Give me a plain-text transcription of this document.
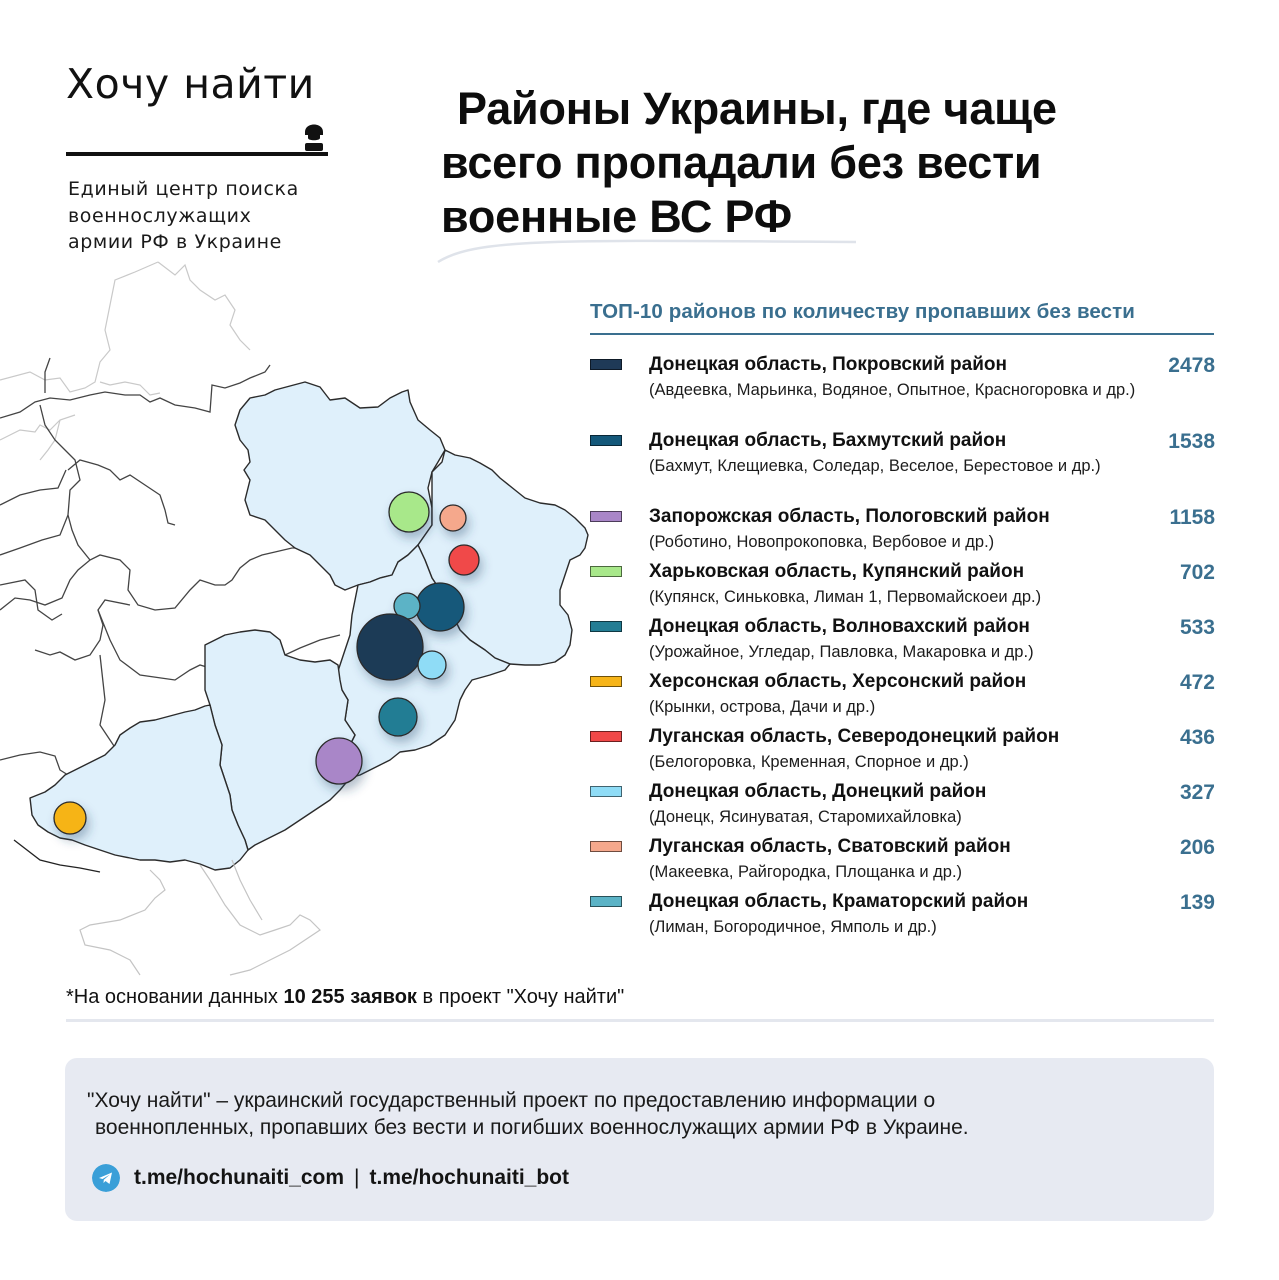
Хочу найти
Единый центр поиска
военнослужащих
армии РФ в Украине
Районы Украины, где чаще
всего пропадали без вести
военные ВС РФ
ТОП-10 районов по количеству пропавших без вести
Донецкая область, Покровский район
(Авдеевка, Марьинка, Водяное, Опытное, Красногоровка и др.)
2478
Донецкая область, Бахмутский район
(Бахмут, Клещиевка, Соледар, Веселое, Берестовое и др.)
1538
Запорожская область, Пологовский район
(Роботино, Новопрокоповка, Вербовое и др.)
1158
Харьковская область, Купянский район
(Купянск, Синьковка, Лиман 1, Первомайскоеи др.)
702
Донецкая область, Волновахский район
(Урожайное, Угледар, Павловка, Макаровка и др.)
533
Херсонская область, Херсонский район
(Крынки, острова, Дачи и др.)
472
Луганская область, Северодонецкий район
(Белогоровка, Кременная, Спорное и др.)
436
Донецкая область, Донецкий район
(Донецк, Ясинуватая, Старомихайловка)
327
Луганская область, Сватовский район
(Макеевка, Райгородка, Площанка и др.)
206
Донецкая область, Краматорский район
(Лиман, Богородичное, Ямполь и др.)
139
*На основании данных 10 255 заявок в проект "Хочу найти"
"Хочу найти" – украинский государственный проект по предоставлению информации о
военнопленных, пропавших без вести и погибших военнослужащих армии РФ в Украине.
t.me/hochunaiti_com | t.me/hochunaiti_bot
